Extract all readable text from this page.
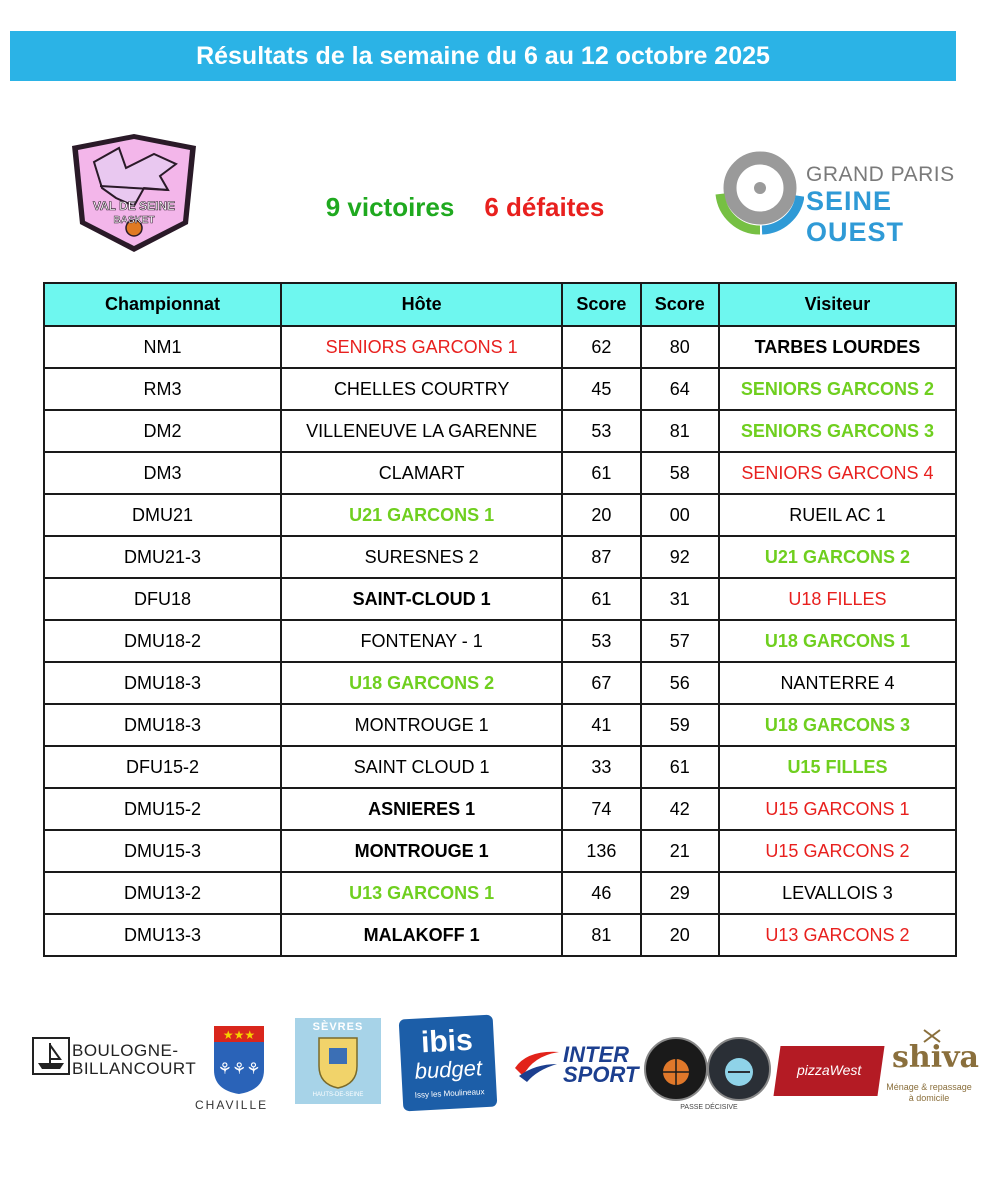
Résultats de la semaine du 6 au 12 octobre 2025
VAL DE SEINE
BASKET	9 victoires 6 défaites
GRAND PARIS
SEINE OUEST
Championnat	Hôte	Score	Score	Visiteur
NM1	SENIORS GARCONS 1	62	80	TARBES LOURDES
RM3	CHELLES COURTRY	45	64	SENIORS GARCONS 2
DM2	VILLENEUVE LA GARENNE	53	81	SENIORS GARCONS 3
DM3	CLAMART	61	58	SENIORS GARCONS 4
DMU21	U21 GARCONS 1	20	00	RUEIL AC 1
DMU21-3	SURESNES 2	87	92	U21 GARCONS 2
DFU18	SAINT-CLOUD 1	61	31	U18 FILLES
DMU18-2	FONTENAY - 1	53	57	U18 GARCONS 1
DMU18-3	U18 GARCONS 2	67	56	NANTERRE 4
DMU18-3	MONTROUGE 1	41	59	U18 GARCONS 3
DFU15-2	SAINT CLOUD 1	33	61	U15 FILLES
DMU15-2	ASNIERES 1	74	42	U15 GARCONS 1
DMU15-3	MONTROUGE 1	136	21	U15 GARCONS 2
DMU13-2	U13 GARCONS 1	46	29	LEVALLOIS 3
DMU13-3	MALAKOFF 1	81	20	U13 GARCONS 2
BOULOGNE-
BILLANCOURT
★★★
⚘⚘⚘
CHAVILLE
SÈVRES
HAUTS-DE-SEINE
ibis
budget
Issy les Moulineaux
INTER
SPORT
PASSE DÉCISIVE
pizzaWest	shiva
Ménage & repassage à domicile
